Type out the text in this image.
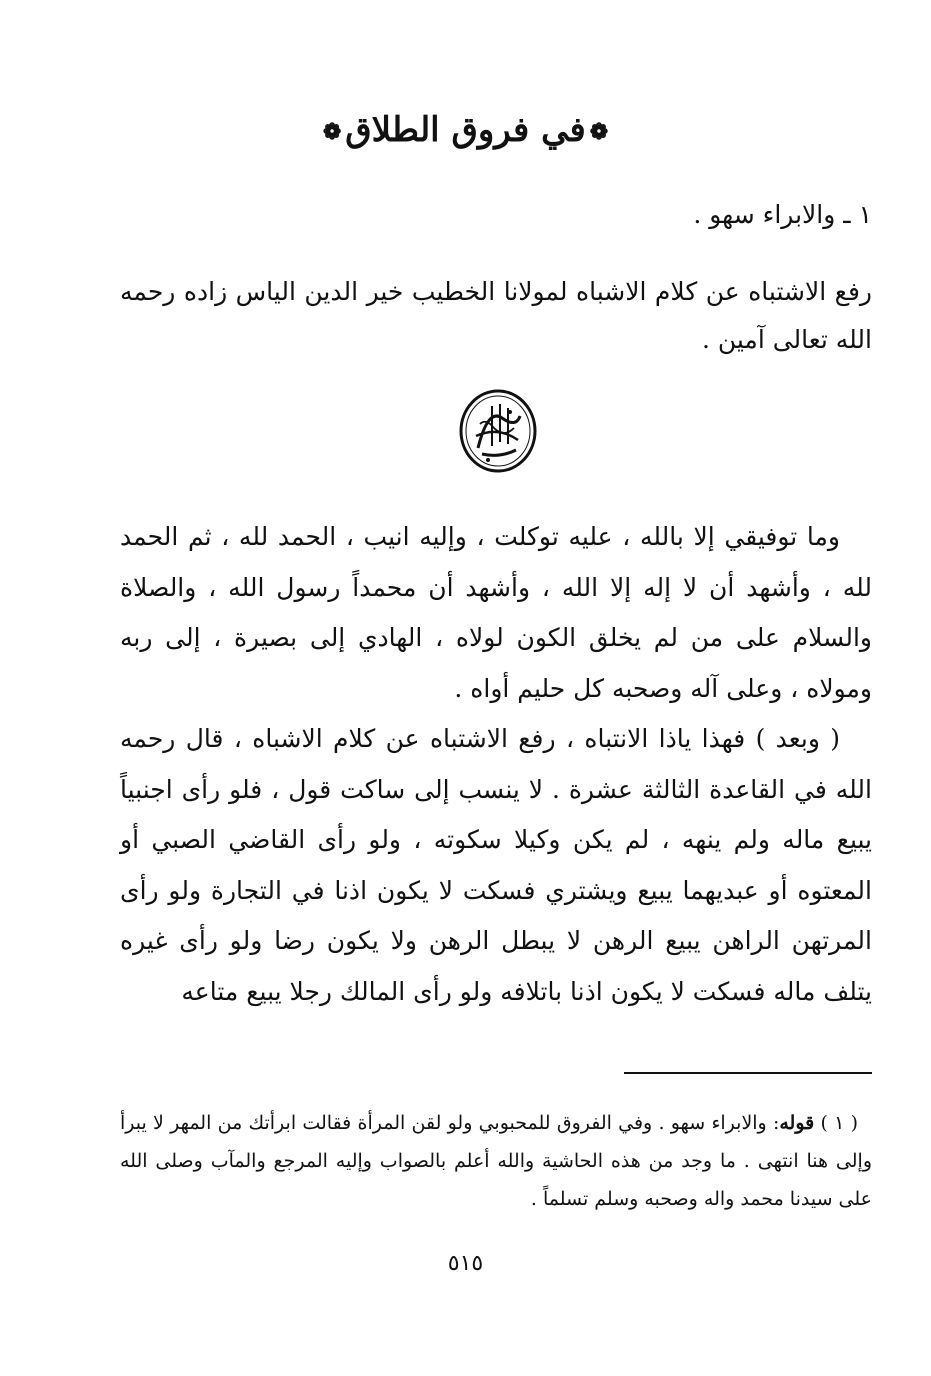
❁في فروق الطلاق❁
١ ـ والابراء سهو .
رفع الاشتباه عن كلام الاشباه لمولانا الخطيب خير الدين الياس زاده رحمه الله تعالى آمين .

وما توفيقي إلا بالله ، عليه توكلت ، وإليه انيب ، الحمد لله ، ثم الحمد لله ، وأشهد أن لا إله إلا الله ، وأشهد أن محمداً رسول الله ، والصلاة والسلام على من لم يخلق الكون لولاه ، الهادي إلى بصيرة ، إلى ربه ومولاه ، وعلى آله وصحبه كل حليم أواه .

( وبعد ) فهذا ياذا الانتباه ، رفع الاشتباه عن كلام الاشباه ، قال رحمه الله في القاعدة الثالثة عشرة . لا ينسب إلى ساكت قول ، فلو رأى اجنبياً يبيع ماله ولم ينهه ، لم يكن وكيلا سكوته ، ولو رأى القاضي الصبي أو المعتوه أو عبديهما يبيع ويشتري فسكت لا يكون اذنا في التجارة ولو رأى المرتهن الراهن يبيع الرهن لا يبطل الرهن ولا يكون رضا ولو رأى غيره يتلف ماله فسكت لا يكون اذنا باتلافه ولو رأى المالك رجلا يبيع متاعه

( ١ ) قوله: والابراء سهو . وفي الفروق للمحبوبي ولو لقن المرأة فقالت ابرأتك من المهر لا يبرأ وإلى هنا انتهى . ما وجد من هذه الحاشية والله أعلم بالصواب وإليه المرجع والمآب وصلى الله على سيدنا محمد واله وصحبه وسلم تسلماً .
٥١٥
